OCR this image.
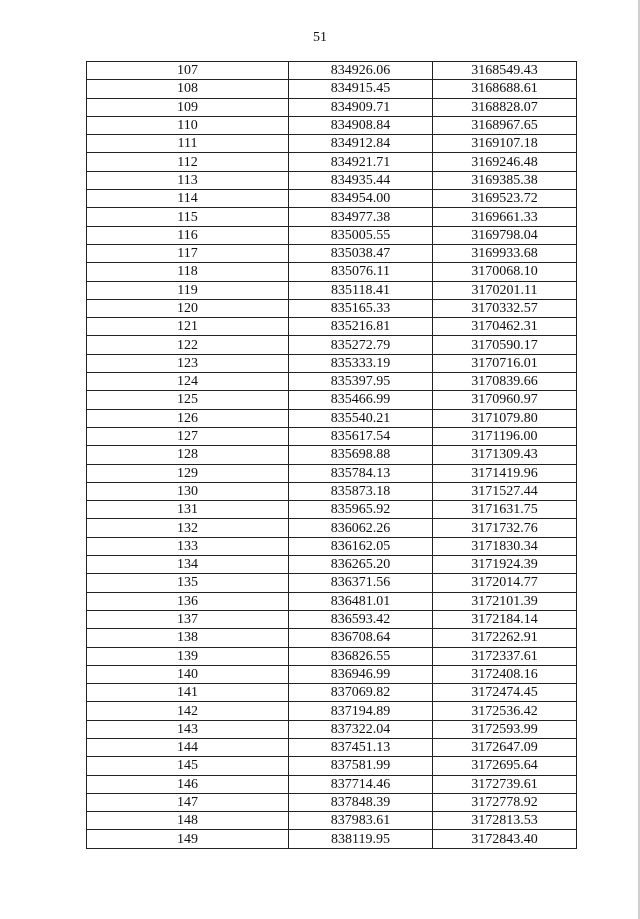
51
107	834926.06	3168549.43
108	834915.45	3168688.61
109	834909.71	3168828.07
110	834908.84	3168967.65
111	834912.84	3169107.18
112	834921.71	3169246.48
113	834935.44	3169385.38
114	834954.00	3169523.72
115	834977.38	3169661.33
116	835005.55	3169798.04
117	835038.47	3169933.68
118	835076.11	3170068.10
119	835118.41	3170201.11
120	835165.33	3170332.57
121	835216.81	3170462.31
122	835272.79	3170590.17
123	835333.19	3170716.01
124	835397.95	3170839.66
125	835466.99	3170960.97
126	835540.21	3171079.80
127	835617.54	3171196.00
128	835698.88	3171309.43
129	835784.13	3171419.96
130	835873.18	3171527.44
131	835965.92	3171631.75
132	836062.26	3171732.76
133	836162.05	3171830.34
134	836265.20	3171924.39
135	836371.56	3172014.77
136	836481.01	3172101.39
137	836593.42	3172184.14
138	836708.64	3172262.91
139	836826.55	3172337.61
140	836946.99	3172408.16
141	837069.82	3172474.45
142	837194.89	3172536.42
143	837322.04	3172593.99
144	837451.13	3172647.09
145	837581.99	3172695.64
146	837714.46	3172739.61
147	837848.39	3172778.92
148	837983.61	3172813.53
149	838119.95	3172843.40
